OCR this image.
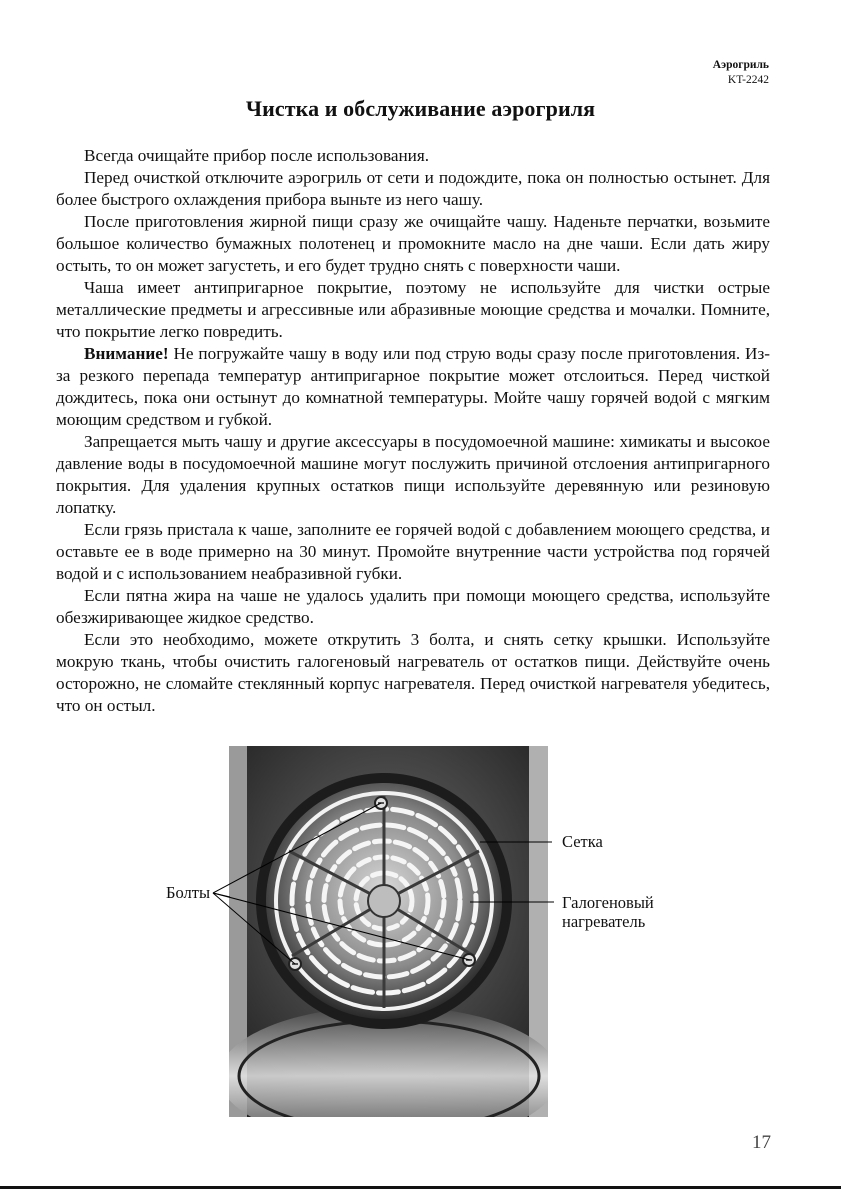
Аэрогриль
KT-2242
Чистка и обслуживание аэрогриля

Всегда очищайте прибор после использования.

Перед очисткой отключите аэрогриль от сети и подождите, пока он полностью остынет. Для более быстрого охлаждения прибора выньте из него чашу.

После приготовления жирной пищи сразу же очищайте чашу. Наденьте перчатки, возьмите большое количество бумажных полотенец и промокните масло на дне чаши. Если дать жиру остыть, то он может загустеть, и его будет трудно снять с поверхности чаши.

Чаша имеет антипригарное покрытие, поэтому не используйте для чистки острые металлические предметы и агрессивные или абразивные моющие средства и мочалки. Помните, что покрытие легко повредить.

Внимание! Не погружайте чашу в воду или под струю воды сразу после приготовления. Из-за резкого перепада температур антипригарное покрытие может отслоиться. Перед чисткой дождитесь, пока они остынут до комнатной температуры. Мойте чашу горячей водой с мягким моющим средством и губкой.

Запрещается мыть чашу и другие аксессуары в посудомоечной машине: химикаты и высокое давление воды в посудомоечной машине могут послужить причиной отслоения антипригарного покрытия. Для удаления крупных остатков пищи используйте деревянную или резиновую лопатку.

Если грязь пристала к чаше, заполните ее горячей водой с добавлением моющего средства, и оставьте ее в воде примерно на 30 минут. Промойте внутренние части устройства под горячей водой и с использованием неабразивной губки.

Если пятна жира на чаше не удалось удалить при помощи моющего средства, используйте обезжиривающее жидкое средство.

Если это необходимо, можете открутить 3 болта, и снять сетку крышки. Используйте мокрую ткань, чтобы очистить галогеновый нагреватель от остатков пищи. Действуйте очень осторожно, не сломайте стеклянный корпус нагревателя. Перед очисткой нагревателя убедитесь, что он остыл.

Болты
Сетка
Галогеновый
нагреватель
17
